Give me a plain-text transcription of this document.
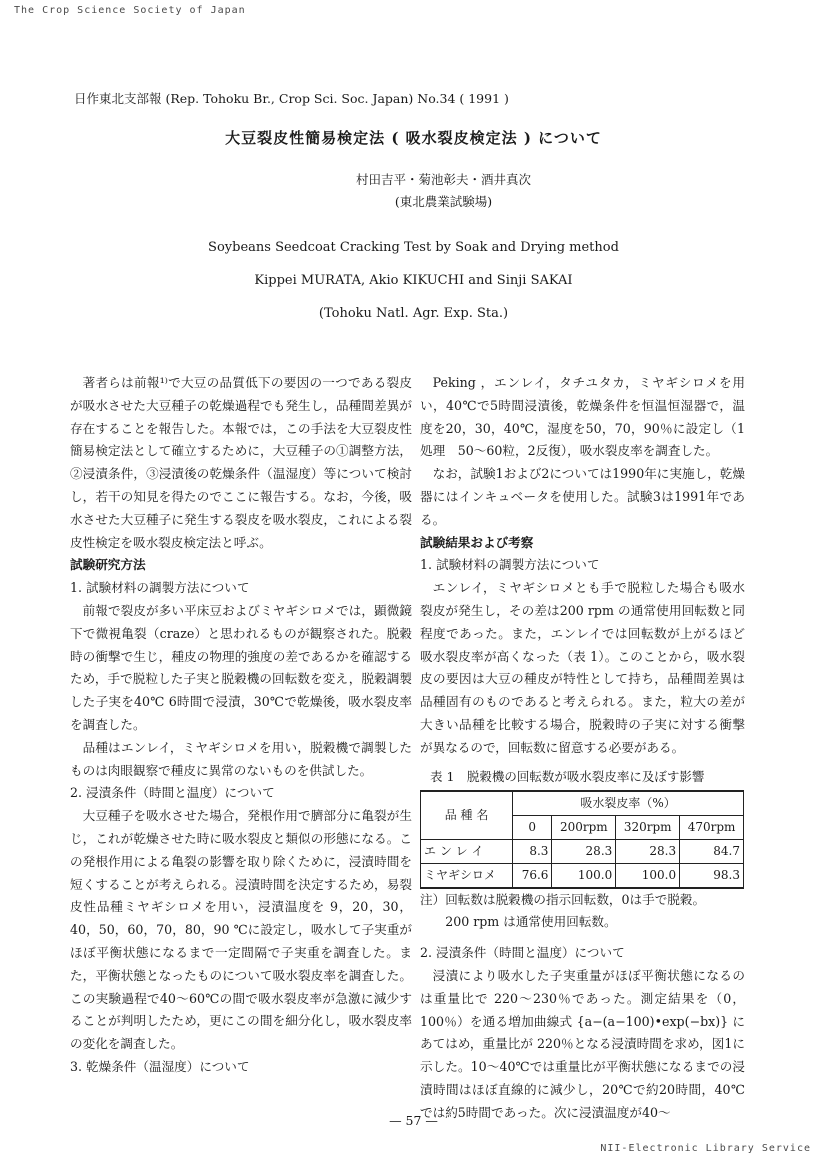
The Crop Science Society of Japan
日作東北支部報 (Rep. Tohoku Br., Crop Sci. Soc. Japan) No.34 ( 1991 )
大豆裂皮性簡易検定法 ( 吸水裂皮検定法 ) について
村田吉平・菊池彰夫・酒井真次
(東北農業試験場)
Soybeans Seedcoat Cracking Test by Soak and Drying method
Kippei MURATA, Akio KIKUCHI and Sinji SAKAI
(Tohoku Natl. Agr. Exp. Sta.)

著者らは前報¹⁾で大豆の品質低下の要因の一つである裂皮が吸水させた大豆種子の乾燥過程でも発生し，品種間差異が存在することを報告した。本報では，この手法を大豆裂皮性簡易検定法として確立するために，大豆種子の①調整方法，②浸漬条件，③浸漬後の乾燥条件（温湿度）等について検討し，若干の知見を得たのでここに報告する。なお，今後，吸水させた大豆種子に発生する裂皮を吸水裂皮，これによる裂皮性検定を吸水裂皮検定法と呼ぶ。

試験研究方法

1. 試験材料の調製方法について

前報で裂皮が多い平床豆およびミヤギシロメでは，顕微鏡下で微視亀裂（craze）と思われるものが観察された。脱穀時の衝撃で生じ，種皮の物理的強度の差であるかを確認するため，手で脱粒した子実と脱穀機の回転数を変え，脱穀調製した子実を40℃ 6時間で浸漬，30℃で乾燥後，吸水裂皮率を調査した。

品種はエンレイ，ミヤギシロメを用い，脱穀機で調製したものは肉眼観察で種皮に異常のないものを供試した。

2. 浸漬条件（時間と温度）について

大豆種子を吸水させた場合，発根作用で臍部分に亀裂が生じ，これが乾燥させた時に吸水裂皮と類似の形態になる。この発根作用による亀裂の影響を取り除くために，浸漬時間を短くすることが考えられる。浸漬時間を決定するため，易裂皮性品種ミヤギシロメを用い，浸漬温度を 9，20，30，40，50，60，70，80，90 ℃に設定し，吸水して子実重がほぼ平衡状態になるまで一定間隔で子実重を調査した。また，平衡状態となったものについて吸水裂皮率を調査した。この実験過程で40〜60℃の間で吸水裂皮率が急激に減少することが判明したため，更にこの間を細分化し，吸水裂皮率の変化を調査した。

3. 乾燥条件（温湿度）について

Peking ，エンレイ，タチユタカ，ミヤギシロメを用い，40℃で5時間浸漬後，乾燥条件を恒温恒湿器で，温度を20，30，40℃，湿度を50，70，90％に設定し（1処理　50〜60粒，2反復），吸水裂皮率を調査した。

なお，試験1および2については1990年に実施し，乾燥器にはインキュベータを使用した。試験3は1991年である。

試験結果および考察

1. 試験材料の調製方法について

エンレイ，ミヤギシロメとも手で脱粒した場合も吸水裂皮が発生し，その差は200 rpm の通常使用回転数と同程度であった。また，エンレイでは回転数が上がるほど吸水裂皮率が高くなった（表 1）。このことから，吸水裂皮の要因は大豆の種皮が特性として持ち，品種間差異は品種固有のものであると考えられる。また，粒大の差が大きい品種を比較する場合，脱穀時の子実に対する衝撃が異なるので，回転数に留意する必要がある。

表 1　脱穀機の回転数が吸水裂皮率に及ぼす影響
品 種 名	吸水裂皮率（%）			
	0	200rpm	320rpm	470rpm
エ ン レ イ	8.3	28.3	28.3	84.7
ミヤギシロメ	76.6	100.0	100.0	98.3

注）回転数は脱穀機の指示回転数，0は手で脱穀。

200 rpm は通常使用回転数。

2. 浸漬条件（時間と温度）について

浸漬により吸水した子実重量がほぼ平衡状態になるのは重量比で 220〜230％であった。測定結果を（0，100％）を通る増加曲線式 {a−(a−100)•exp(−bx)} にあてはめ，重量比が 220％となる浸漬時間を求め，図1に示した。10〜40℃では重量比が平衡状態になるまでの浸漬時間はほぼ直線的に減少し，20℃で約20時間，40℃では約5時間であった。次に浸漬温度が40〜

— 57 —
NII-Electronic Library Service
